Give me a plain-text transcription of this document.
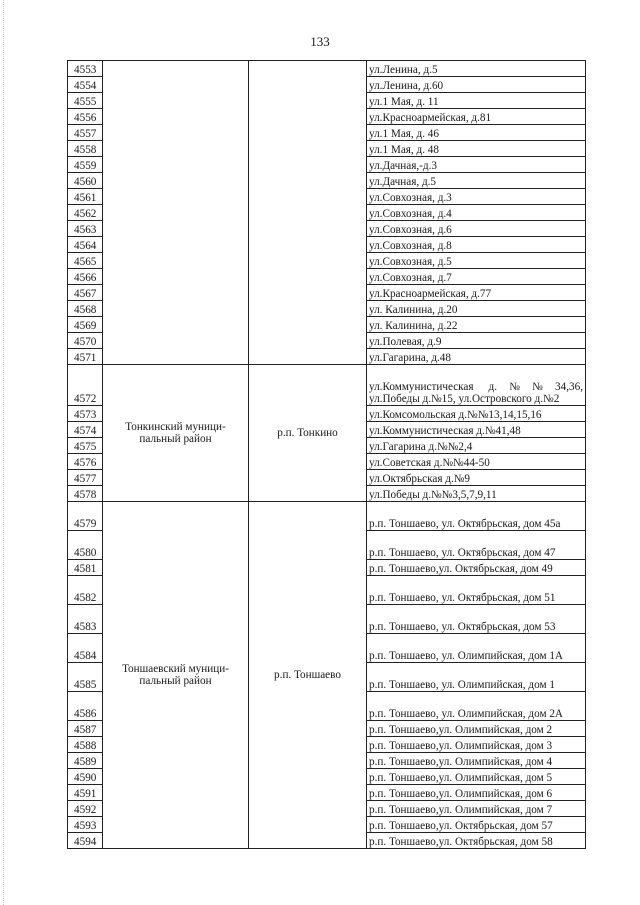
133
4553			ул.Ленина, д.5
4554			ул.Ленина, д.60
4555			ул.1 Мая, д. 11
4556			ул.Красноармейская, д.81
4557			ул.1 Мая, д. 46
4558			ул.1 Мая, д. 48
4559			ул.Дачная,-д.3
4560			ул.Дачная, д.5
4561			ул.Совхозная, д.3
4562			ул.Совхозная, д.4
4563			ул.Совхозная, д.6
4564			ул.Совхозная, д.8
4565			ул.Совхозная, д.5
4566			ул.Совхозная, д.7
4567			ул.Красноармейская, д.77
4568			ул. Калинина, д.20
4569			ул. Калинина, д.22
4570			ул.Полевая, д.9
4571			ул.Гагарина, д.48
4572	Тонкинский муници-пальный район	р.п. Тонкино	ул.Коммунистическая д.№№34,36, ул.Победы д.№15, ул.Островского д.№2
4573			ул.Комсомольская д.№№13,14,15,16
4574			ул.Коммунистическая д.№41,48
4575			ул.Гагарина д.№№2,4
4576			ул.Советская д.№№44-50
4577			ул.Октябрьская д.№9
4578			ул.Победы д.№№3,5,7,9,11
4579	Тоншаевский муници-пальный район	р.п. Тоншаево	р.п. Тоншаево, ул. Октябрьская, дом 45а
4580			р.п. Тоншаево, ул. Октябрьская, дом 47
4581			р.п. Тоншаево,ул. Октябрьская, дом 49
4582			р.п. Тоншаево, ул. Октябрьская, дом 51
4583			р.п. Тоншаево, ул. Октябрьская, дом 53
4584			р.п. Тоншаево, ул. Олимпийская, дом 1А
4585			р.п. Тоншаево, ул. Олимпийская, дом 1
4586			р.п. Тоншаево, ул. Олимпийская, дом 2А
4587			р.п. Тоншаево,ул. Олимпийская, дом 2
4588			р.п. Тоншаево,ул. Олимпийская, дом 3
4589			р.п. Тоншаево,ул. Олимпийская, дом 4
4590			р.п. Тоншаево,ул. Олимпийская, дом 5
4591			р.п. Тоншаево,ул. Олимпийская, дом 6
4592			р.п. Тоншаево,ул. Олимпийская, дом 7
4593			р.п. Тоншаево,ул. Октябрьская, дом 57
4594			р.п. Тоншаево,ул. Октябрьская, дом 58
